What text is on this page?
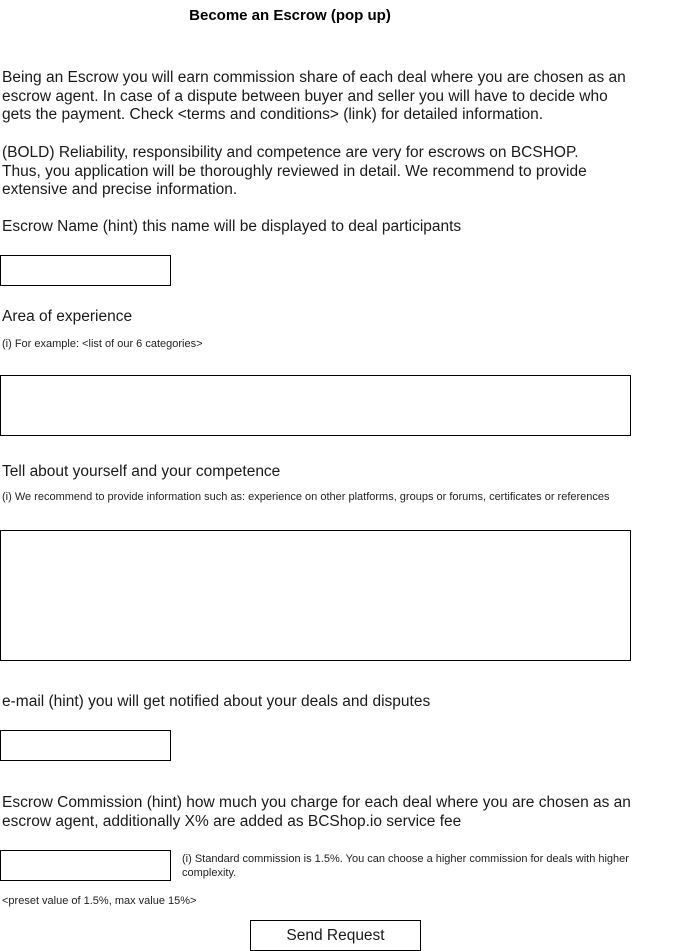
Become an Escrow (pop up)
Being an Escrow you will earn commission share of each deal where you are chosen as an escrow agent. In case of a dispute between buyer and seller you will have to decide who gets the payment. Check <terms and conditions> (link) for detailed information.
(BOLD) Reliability, responsibility and competence are very for escrows on BCSHOP. Thus, you application will be thoroughly reviewed in detail. We recommend to provide extensive and precise information.
Escrow Name (hint) this name will be displayed to deal participants
Area of experience
(i) For example: <list of our 6 categories>
Tell about yourself and your competence
(i) We recommend to provide information such as: experience on other platforms, groups or forums, certificates or references
e-mail (hint) you will get notified about your deals and disputes
Escrow Commission (hint) how much you charge for each deal where you are chosen as an escrow agent, additionally X% are added as BCShop.io service fee
(i) Standard commission is 1.5%. You can choose a higher commission for deals with higher complexity.
<preset value of 1.5%, max value 15%>
Send Request
